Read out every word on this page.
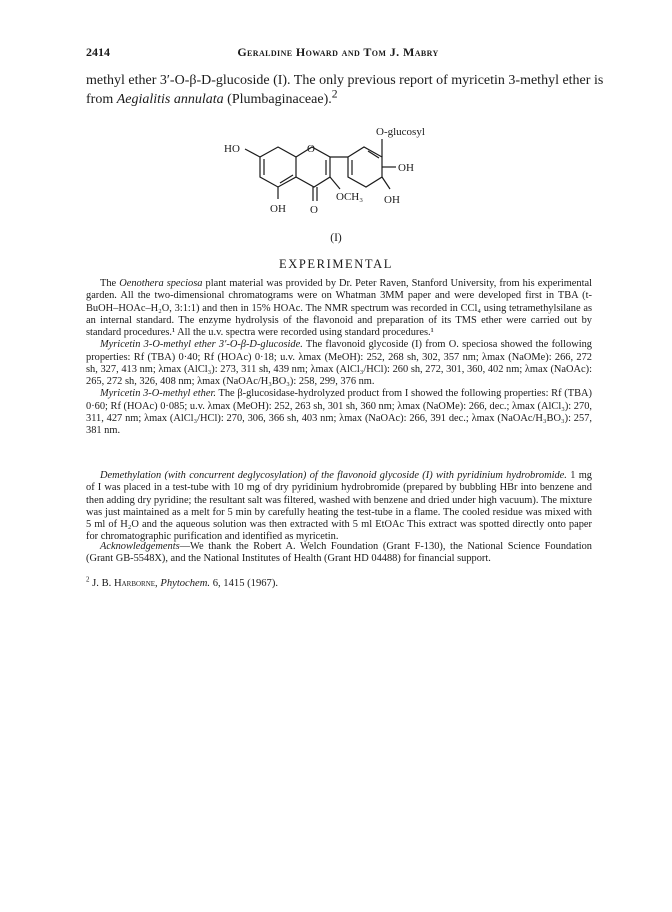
2414	Geraldine Howard and Tom J. Mabry
methyl ether 3′-O-β-D-glucoside (I). The only previous report of myricetin 3-methyl ether is
from Aegialitis annulata (Plumbaginaceae).$^2$
O-glucosyl
HO
OH
O
OCH₃ OH
OH O
(I)
EXPERIMENTAL

The Oenothera speciosa plant material was provided by Dr. Peter Raven, Stanford University, from his experimental garden. All the two-dimensional chromatograms were on Whatman 3MM paper and were developed first in TBA (t-BuOH–HOAc–H₂O, 3:1:1) and then in 15% HOAc. The NMR spectrum was recorded in CCl₄ using tetramethylsilane as an internal standard. The enzyme hydrolysis of the flavonoid and preparation of its TMS ether were carried out by standard procedures.¹ All the u.v. spectra were recorded using standard procedures.¹

Myricetin 3-O-methyl ether 3′-O-β-D-glucoside. The flavonoid glycoside (I) from O. speciosa showed the following properties: Rf (TBA) 0·40; Rf (HOAc) 0·18; u.v. λmax (MeOH): 252, 268 sh, 302, 357 nm; λmax (NaOMe): 266, 272 sh, 327, 413 nm; λmax (AlCl₃): 273, 311 sh, 439 nm; λmax (AlCl₃/HCl): 260 sh, 272, 301, 360, 402 nm; λmax (NaOAc): 265, 272 sh, 326, 408 nm; λmax (NaOAc/H₃BO₃): 258, 299, 376 nm.

Myricetin 3-O-methyl ether. The β-glucosidase-hydrolyzed product from I showed the following properties: Rf (TBA) 0·60; Rf (HOAc) 0·085; u.v. λmax (MeOH): 252, 263 sh, 301 sh, 360 nm; λmax (NaOMe): 266, dec.; λmax (AlCl₃): 270, 311, 427 nm; λmax (AlCl₃/HCl): 270, 306, 366 sh, 403 nm; λmax (NaOAc): 266, 391 dec.; λmax (NaOAc/H₃BO₃): 257, 381 nm.

Demethylation (with concurrent deglycosylation) of the flavonoid glycoside (I) with pyridinium hydrobromide. 1 mg of I was placed in a test-tube with 10 mg of dry pyridinium hydrobromide (prepared by bubbling HBr into benzene and then adding dry pyridine; the resultant salt was filtered, washed with benzene and dried under high vacuum). The mixture was just maintained as a melt for 5 min by carefully heating the test-tube in a flame. The cooled residue was mixed with 5 ml of H₂O and the aqueous solution was then extracted with 5 ml EtOAc This extract was spotted directly onto paper for chromatographic purification and identified as myricetin.

Acknowledgements—We thank the Robert A. Welch Foundation (Grant F-130), the National Science Foundation (Grant GB-5548X), and the National Institutes of Health (Grant HD 04488) for financial support.

$^2$ J. B. Harborne, Phytochem. 6, 1415 (1967).
